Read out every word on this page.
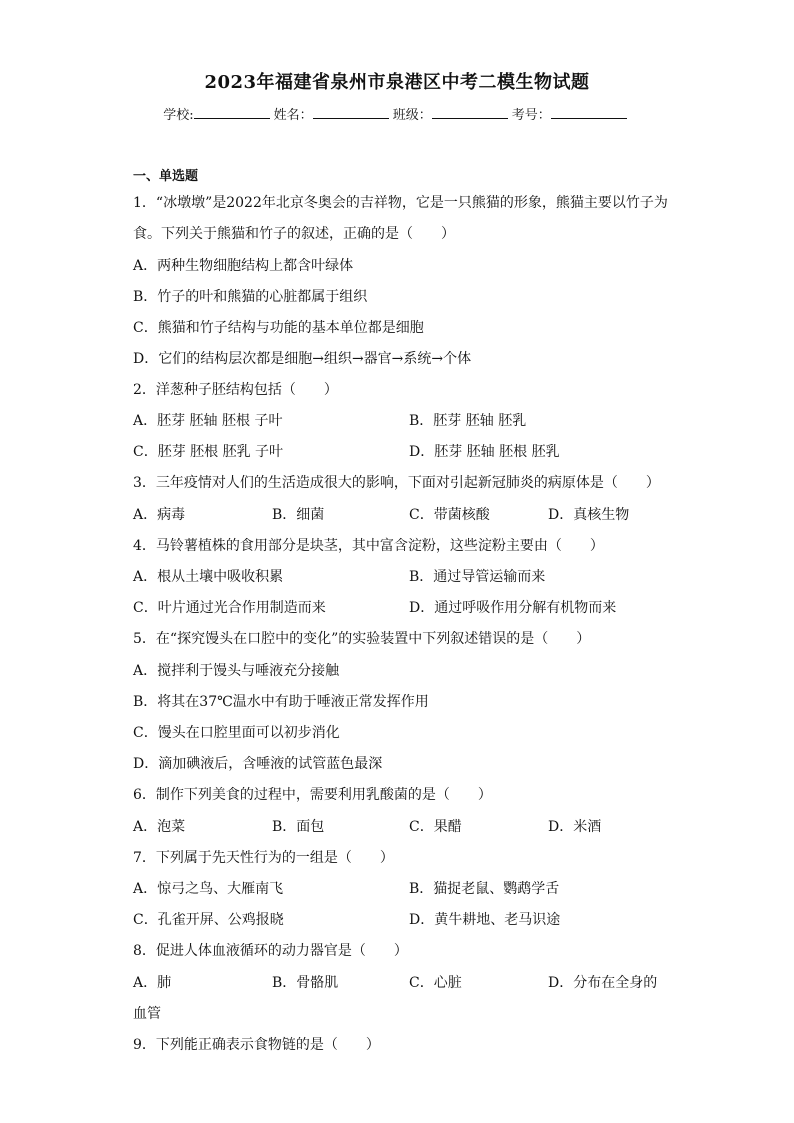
2023年福建省泉州市泉港区中考二模生物试题
学校:	姓名：	班级：	考号：
一、单选题
1．“冰墩墩”是2022年北京冬奥会的吉祥物，它是一只熊猫的形象，熊猫主要以竹子为
食。下列关于熊猫和竹子的叙述，正确的是（　　）
A．两种生物细胞结构上都含叶绿体
B．竹子的叶和熊猫的心脏都属于组织
C．熊猫和竹子结构与功能的基本单位都是细胞
D．它们的结构层次都是细胞→组织→器官→系统→个体
2．洋葱种子胚结构包括（　　）
A．胚芽 胚轴 胚根 子叶	B．胚芽 胚轴 胚乳
C．胚芽 胚根 胚乳 子叶	D．胚芽 胚轴 胚根 胚乳
3．三年疫情对人们的生活造成很大的影响，下面对引起新冠肺炎的病原体是（　　）
A．病毒	B．细菌	C．带菌核酸	D．真核生物
4．马铃薯植株的食用部分是块茎，其中富含淀粉，这些淀粉主要由（　　）
A．根从土壤中吸收积累	B．通过导管运输而来
C．叶片通过光合作用制造而来	D．通过呼吸作用分解有机物而来
5．在“探究馒头在口腔中的变化”的实验装置中下列叙述错误的是（　　）
A．搅拌利于馒头与唾液充分接触
B．将其在37℃温水中有助于唾液正常发挥作用
C．馒头在口腔里面可以初步消化
D．滴加碘液后，含唾液的试管蓝色最深
6．制作下列美食的过程中，需要利用乳酸菌的是（　　）
A．泡菜	B．面包	C．果醋	D．米酒
7．下列属于先天性行为的一组是（　　）
A．惊弓之鸟、大雁南飞	B．猫捉老鼠、鹦鹉学舌
C．孔雀开屏、公鸡报晓	D．黄牛耕地、老马识途
8．促进人体血液循环的动力器官是（　　）
A．肺	B．骨骼肌	C．心脏	D．分布在全身的
血管
9．下列能正确表示食物链的是（　　）
